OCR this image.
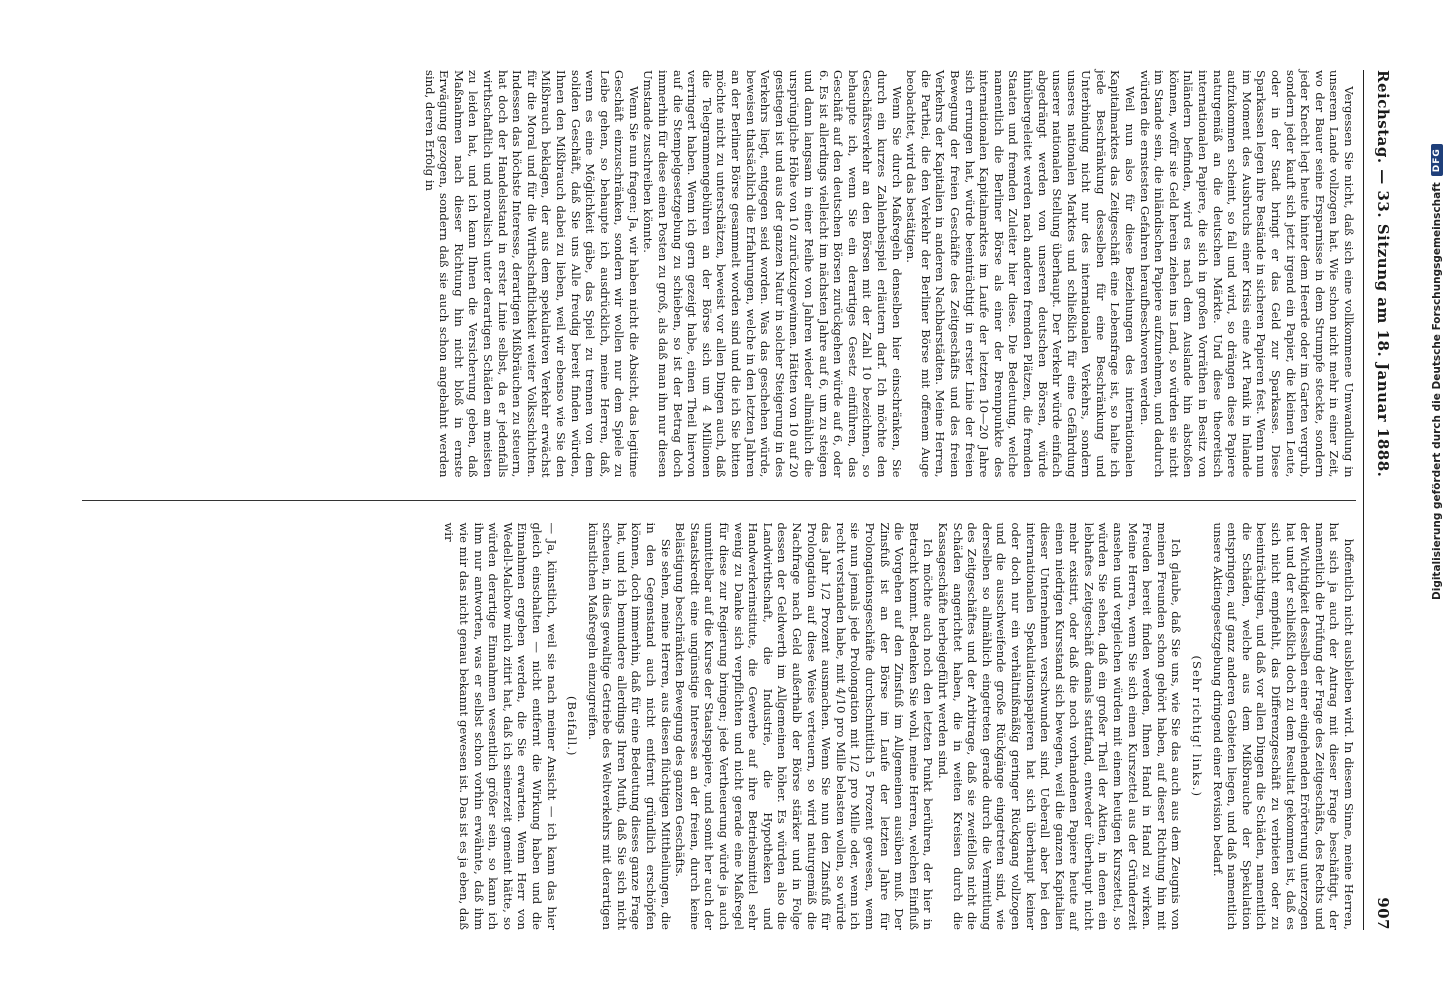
Reichstag. — 33. Sitzung am 18. Januar 1888.
907

Vergessen Sie nicht, daß sich eine vollkommene Umwandlung in unserem Lande vollzogen hat. Wie schon nicht mehr in einer Zeit, wo der Bauer seine Ersparnisse in dem Strumpfe steckte, sondern jeder Knecht legt heute hinter dem Heerde oder im Garten vergrub, sondern jeder kauft sich jetzt irgend ein Papier, die kleinen Leute, oder in der Stadt bringt er das Geld zur Sparkasse. Diese Sparkassen legen ihre Bestände in sicheren Papieren fest. Wenn nun im Moment des Ausbruchs einer Krisis eine Art Panik in Inlande aufzukommen scheint, so fall und wird, so drängen diese Papiere naturgemäß an die deutschen Märkte. Und diese theoretisch internationalen Papiere, die sich in großen Vorräthen in Besitz von Inländern befinden, wird es nach dem Auslande hin abstoßen können, wofür sie Geld herein ziehen ins Land, so würden sie nicht im Stande sein, die inländischen Papiere aufzunehmen, und dadurch würden die ernstesten Gefahren heraufbeschworen werden.

Weil nun also für diese Beziehungen des internationalen Kapitalmarktes das Zeitgeschäft eine Lebensfrage ist, so halte ich jede Beschränkung desselben für eine Beschränkung und Unterbindung nicht nur des internationalen Verkehrs, sondern unseres nationalen Marktes und schließlich für eine Gefährdung unserer nationalen Stellung überhaupt. Der Verkehr würde einfach abgedrängt werden von unseren deutschen Börsen, würde hinübergeleitet werden nach anderen fremden Plätzen, die fremden Staaten und fremden Zuleiter hier diese. Die Bedeutung, welche namentlich die Berliner Börse als einer der Brennpunkte des internationalen Kapitalmarktes im Laufe der letzten 10—20 Jahre sich errungen hat, würde beeinträchtigt in erster Linie der freien Bewegung der freien Geschäfte des Zeitgeschäfts und des freien Verkehrs der Kapitalien in anderen Nachbarstädten. Meine Herren, die Parthei, die den Verkehr der Berliner Börse mit offenem Auge beobachtet, wird das bestätigen.

Wenn Sie durch Maßregeln denselben hier einschränken, Sie durch ein kurzes Zahlenbeispiel erläutern darf. Ich möchte den Geschäftsverkehr an den Börsen mit der Zahl 10 bezeichnen, so behaupte ich, wenn Sie ein derartiges Gesetz einführen, das Geschäft auf den deutschen Börsen zurückgehen würde auf 6, oder 6. Es ist allerdings vielleicht im nächsten Jahre auf 6, um zu steigen und dann langsam in einer Reihe von Jahren wieder allmählich die ursprüngliche Höhe von 10 zurückzugewinnen. Hätten von 10 auf 20 gestiegen ist und aus der ganzen Natur in solcher Steigerung in des Verkehrs liegt, entgegen seid worden. Was das geschehen würde, beweisen thatsächlich die Erfahrungen, welche in den letzten Jahren an der Berliner Börse gesammelt worden sind und die ich Sie bitten möchte nicht zu unterschätzen, beweist vor allen Dingen auch, daß die Telegrammengebühren an der Börse sich um 4 Millionen verringert haben. Wenn ich gern gezeigt habe, einen Theil hiervon auf die Stempelgesetzgebung zu schieben, so ist der Betrag doch immerhin für diese einen Posten zu groß, als daß man ihn nur diesen Umstande zuschreiben könnte.

Wenn Sie nun fragen: Ja, wir haben nicht die Absicht, das legitime Geschäft einzuschränken, sondern wir wollen nur dem Spiele zu Leibe gehen, so behaupte ich ausdrücklich, meine Herren, daß, wenn es eine Möglichkeit gäbe, das Spiel zu trennen von dem soliden Geschäft, daß Sie uns Alle freudig bereit finden würden, Ihnen den Mißbrauch dabei zu lieben, weil wir ebenso wie Sie den Mißbrauch beklagen, der aus dem spekulativen Verkehr erwächst für die Moral und für die Wirthschaftlichkeit weiter Volksschichten. Indessen das höchste Interesse, derartigen Mißbräuchen zu steuern, hat doch der Handelsstand in erster Linie selbst, da er jedenfalls wirthschaftlich und moralisch unter derartigen Schäden am meisten zu leiden hat, und ich kann Ihnen die Versicherung geben, daß Maßnahmen nach dieser Richtung hin nicht bloß in ernste Erwägung gezogen, sondern daß sie auch schon angebahnt werden sind, deren Erfolg in

hoffentlich nicht ausbleiben wird. In diesem Sinne, meine Herren, hat sich ja auch der Antrag mit dieser Frage beschäftigt, der namentlich die Prüfung der Frage des Zeitgeschäfts, des Rechts und der Wichtigkeit desselben einer eingehenden Erörterung unterzogen hat und der schließlich doch zu dem Resultat gekommen ist, daß es sich nicht empfiehlt, das Differenzgeschäft zu verbieten oder zu beeinträchtigen, und daß vor allen Dingen die Schäden, namentlich die Schäden, welche aus dem Mißbrauche der Spekulation entspringen, auf ganz anderen Gebieten liegen, und daß namentlich unsere Aktiengesetzgebung dringend einer Revision bedarf.

(Sehr richtig! links.)

Ich glaube, daß Sie uns, wie Sie das auch aus dem Zeugnis von meinen Freunden schon gehört haben, auf dieser Richtung hin mit Freuden bereit finden werden, Ihnen Hand in Hand zu wirken. Meine Herren, wenn Sie sich einen Kurszettel aus der Gründerzeit ansehen und vergleichen würden mit einem heutigen Kurszettel, so würden Sie sehen, daß ein großer Theil der Aktien, in denen ein lebhaftes Zeitgeschäft damals stattfand, entweder überhaupt nicht mehr existirt, oder daß die noch vorhandenen Papiere heute auf einen niedrigen Kursstand sich bewegen, weil die ganzen Kapitalien dieser Unternehmen verschwunden sind. Ueberall aber bei den internationalen Spekulationspapieren hat sich überhaupt keiner oder doch nur ein verhältnißmäßig geringer Rückgang vollzogen und die ausschweifende große Rückgänge eingetreten sind, wie derselben so allmählich eingetreten gerade durch die Vermittlung des Zeitgeschäftes und der Arbitrage, daß sie zweifellos nicht die Schäden angerichtet haben, die in weiten Kreisen durch die Kassageschäfte herbeigeführt werden sind.

Ich möchte auch noch den letzten Punkt berühren, der hier in Betracht kommt. Bedenken Sie wohl, meine Herren, welchen Einfluß die Vorgehen auf den Zinsfuß im Allgemeinen ausüben muß. Der Zinsfuß ist an der Börse im Laufe der letzten Jahre für Prolongationsgeschäfte durchschnittlich 5 Prozent gewesen, wenn sie nun jemals jede Prolongation mit 1/2 pro Mille oder, wenn ich recht verstanden habe, mit 4/10 pro Mille belasten wollen, so würde das Jahr 1/2 Prozent ausmachen. Wenn Sie nun den Zinsfuß für Prolongation auf diese Weise verteuern, so wird naturgemäß die Nachfrage nach Geld außerhalb der Börse stärker und in Folge dessen der Geldwerth im Allgemeinen höher. Es würden also die Landwirthschaft, die Industrie, die Hypotheken und Handwerkerinstitute, die Gewerbe auf ihre Betriebsmittel sehr wenig zu Danke sich verpflichten und nicht gerade eine Maßregel für diese zur Regierung bringen; jede Vertheuerung würde ja auch unmittelbar auf die Kurse der Staatspapiere, und somit her auch der Staatskredit eine ungünstige Interesse an der freien, durch keine Belästigung beschränkten Bewegung des ganzen Geschäfts.

Sie sehen, meine Herren, aus diesen flüchtigen Mittheilungen, die in den Gegenstand auch nicht entfernt gründlich erschöpfen können, doch immerhin, daß für eine Bedeutung dieses ganze Frage hat, und ich bemundere allerdings Ihren Muth, daß Sie sich nicht scheuen, in dies gewaltige Getriebe des Weltverkehrs mit derartigen künstlichen Maßregeln einzugreifen.

(Beifall.)

— Ja, künstlich, weil sie nach meiner Ansicht — ich kann das hier gleich einschalten — nicht entfernt die Wirkung haben und die Einnahmen ergeben werden, die Sie erwarten. Wenn Herr von Wedell-Malchow mich zitirt hat, daß ich seinerzeit gemeint hätte, so würden derartige Einnahmen wesentlich größer sein, so kann ich ihm nur antworten, was er selbst schon vorhin erwähnte, daß ihm wie mir das nicht genau bekannt gewesen ist. Das ist es ja eben, daß wir	Digitalisierung gefördert durch die Deutsche Forschungsgemeinschaft
DFG
